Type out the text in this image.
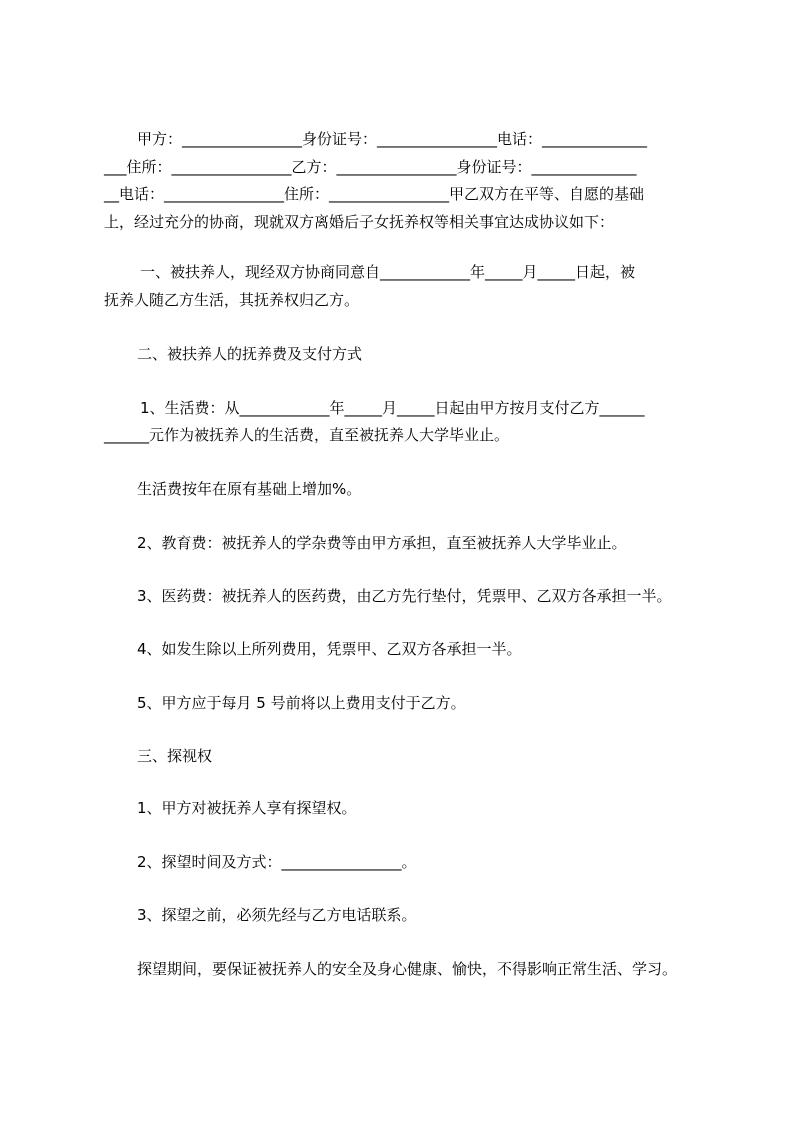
甲方：________________身份证号：________________电话：______________
___住所：________________乙方：________________身份证号：______________
__电话：________________住所：________________甲乙双方在平等、自愿的基础
上，经过充分的协商，现就双方离婚后子女抚养权等相关事宜达成协议如下：
一、被扶养人，现经双方协商同意自____________年_____月_____日起，被
抚养人随乙方生活，其抚养权归乙方。
二、被扶养人的抚养费及支付方式
1、生活费：从____________年_____月_____日起由甲方按月支付乙方______
______元作为被抚养人的生活费，直至被抚养人大学毕业止。
生活费按年在原有基础上增加%。
2、教育费：被抚养人的学杂费等由甲方承担，直至被抚养人大学毕业止。
3、医药费：被抚养人的医药费，由乙方先行垫付，凭票甲、乙双方各承担一半。
4、如发生除以上所列费用，凭票甲、乙双方各承担一半。
5、甲方应于每月 5 号前将以上费用支付于乙方。
三、探视权
1、甲方对被抚养人享有探望权。
2、探望时间及方式：________________。
3、探望之前，必须先经与乙方电话联系。
探望期间，要保证被抚养人的安全及身心健康、愉快，不得影响正常生活、学习。
